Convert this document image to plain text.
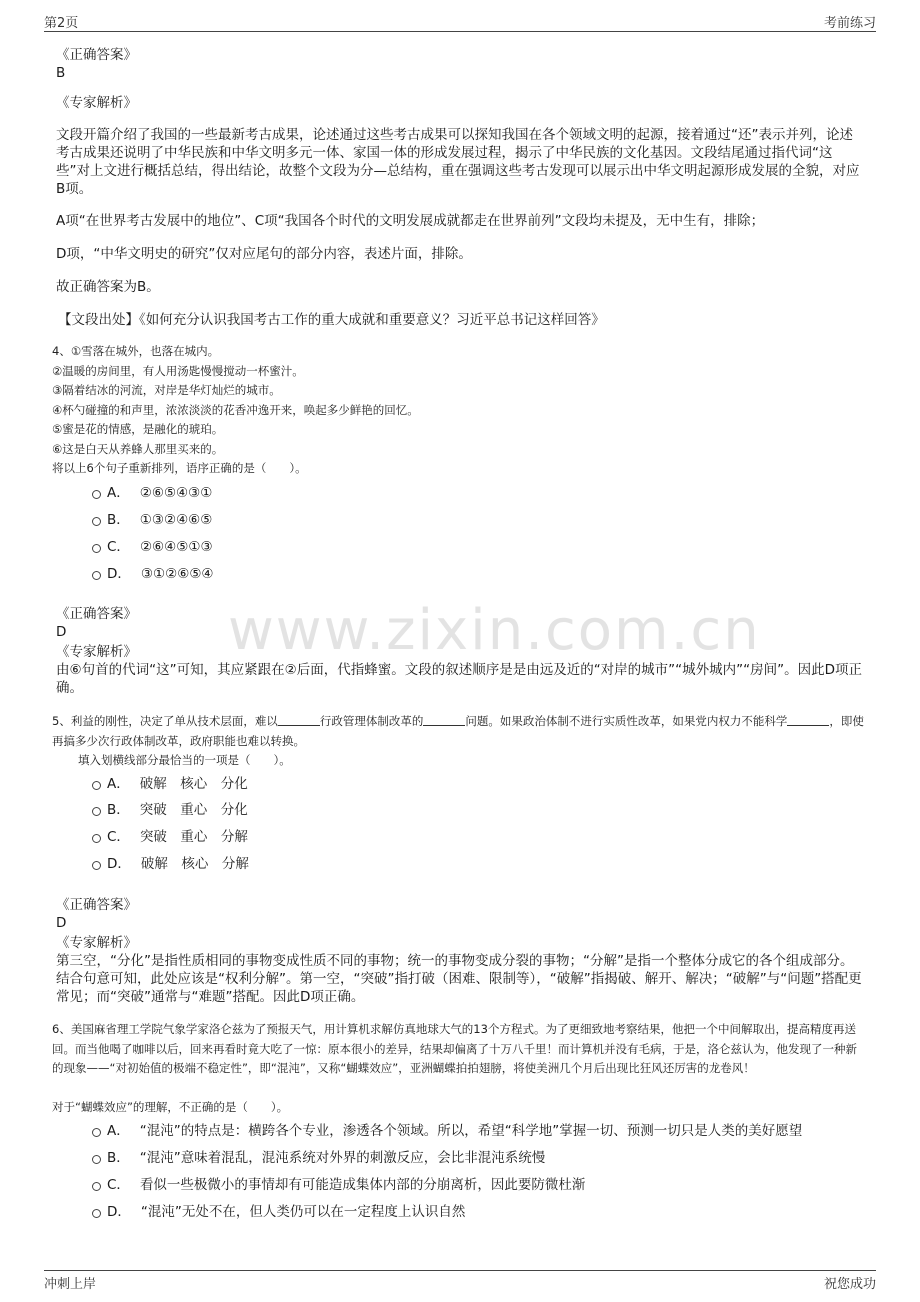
第2页	考前练习
www.zixin.com.cn
《正确答案》
B
《专家解析》
文段开篇介绍了我国的一些最新考古成果，论述通过这些考古成果可以探知我国在各个领域文明的起源，接着通过“还”表示并列，论述考古成果还说明了中华民族和中华文明多元一体、家国一体的形成发展过程，揭示了中华民族的文化基因。文段结尾通过指代词“这些”对上文进行概括总结，得出结论，故整个文段为分—总结构，重在强调这些考古发现可以展示出中华文明起源形成发展的全貌，对应B项。
A项“在世界考古发展中的地位”、C项“我国各个时代的文明发展成就都走在世界前列”文段均未提及，无中生有，排除；
D项，“中华文明史的研究”仅对应尾句的部分内容，表述片面，排除。
故正确答案为B。
【文段出处】《如何充分认识我国考古工作的重大成就和重要意义？习近平总书记这样回答》
4、①雪落在城外，也落在城内。
②温暖的房间里，有人用汤匙慢慢搅动一杯蜜汁。
③隔着结冰的河流，对岸是华灯灿烂的城市。
④杯勺碰撞的和声里，浓浓淡淡的花香冲逸开来，唤起多少鲜艳的回忆。
⑤蜜是花的情感，是融化的琥珀。
⑥这是白天从养蜂人那里买来的。
将以上6个句子重新排列，语序正确的是（　　）。
A． ②⑥⑤④③①
B． ①③②④⑥⑤
C． ②⑥④⑤①③
D． ③①②⑥⑤④
《正确答案》
D
《专家解析》
由⑥句首的代词“这”可知，其应紧跟在②后面，代指蜂蜜。文段的叙述顺序是是由远及近的“对岸的城市”“城外城内”“房间”。因此D项正确。
5、利益的刚性，决定了单从技术层面，难以	行政管理体制改革的	问题。如果政治体制不进行实质性改革，如果党内权力不能科学	，即使再搞多少次行政体制改革，政府职能也难以转换。
填入划横线部分最恰当的一项是（　　）。
A． 破解　核心　分化
B． 突破　重心　分化
C． 突破　重心　分解
D． 破解　核心　分解
《正确答案》
D
《专家解析》
第三空，“分化”是指性质相同的事物变成性质不同的事物；统一的事物变成分裂的事物；“分解”是指一个整体分成它的各个组成部分。结合句意可知，此处应该是“权利分解”。第一空，“突破”指打破（困难、限制等），“破解”指揭破、解开、解决；“破解”与“问题”搭配更常见；而“突破”通常与“难题”搭配。因此D项正确。
6、美国麻省理工学院气象学家洛仑兹为了预报天气，用计算机求解仿真地球大气的13个方程式。为了更细致地考察结果，他把一个中间解取出，提高精度再送回。而当他喝了咖啡以后，回来再看时竟大吃了一惊：原本很小的差异，结果却偏离了十万八千里！而计算机并没有毛病，于是，洛仑兹认为，他发现了一种新的现象——“对初始值的极端不稳定性”，即“混沌”，又称“蝴蝶效应”，亚洲蝴蝶拍拍翅膀，将使美洲几个月后出现比狂风还厉害的龙卷风！
对于“蝴蝶效应”的理解，不正确的是（　　）。
A． “混沌”的特点是：横跨各个专业，渗透各个领域。所以，希望“科学地”掌握一切、预测一切只是人类的美好愿望
B． “混沌”意味着混乱，混沌系统对外界的刺激反应，会比非混沌系统慢
C． 看似一些极微小的事情却有可能造成集体内部的分崩离析，因此要防微杜渐
D． “混沌”无处不在，但人类仍可以在一定程度上认识自然
冲刺上岸	祝您成功
